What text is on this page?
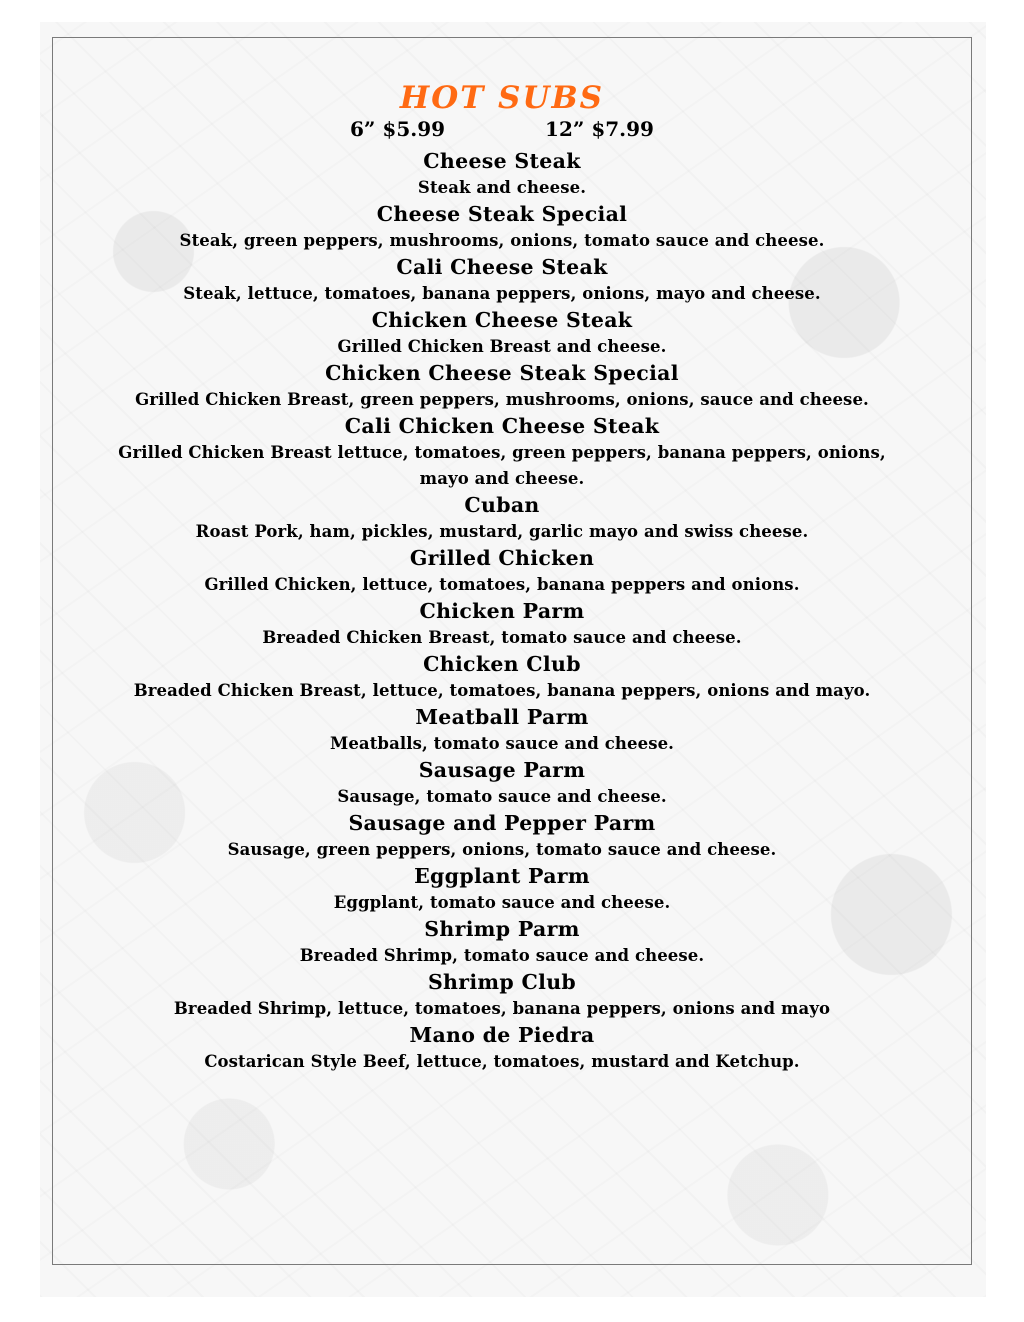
HOT SUBS
6” $5.99	12” $7.99

Cheese Steak

Steak and cheese.

Cheese Steak Special

Steak, green peppers, mushrooms, onions, tomato sauce and cheese.

Cali Cheese Steak

Steak, lettuce, tomatoes, banana peppers, onions, mayo and cheese.

Chicken Cheese Steak

Grilled Chicken Breast and cheese.

Chicken Cheese Steak Special

Grilled Chicken Breast, green peppers, mushrooms, onions, sauce and cheese.

Cali Chicken Cheese Steak

Grilled Chicken Breast lettuce, tomatoes, green peppers, banana peppers, onions, mayo and cheese.

Cuban

Roast Pork, ham, pickles, mustard, garlic mayo and swiss cheese.

Grilled Chicken

Grilled Chicken, lettuce, tomatoes, banana peppers and onions.

Chicken Parm

Breaded Chicken Breast, tomato sauce and cheese.

Chicken Club

Breaded Chicken Breast, lettuce, tomatoes, banana peppers, onions and mayo.

Meatball Parm

Meatballs, tomato sauce and cheese.

Sausage Parm

Sausage, tomato sauce and cheese.

Sausage and Pepper Parm

Sausage, green peppers, onions, tomato sauce and cheese.

Eggplant Parm

Eggplant, tomato sauce and cheese.

Shrimp Parm

Breaded Shrimp, tomato sauce and cheese.

Shrimp Club

Breaded Shrimp, lettuce, tomatoes, banana peppers, onions and mayo

Mano de Piedra

Costarican Style Beef, lettuce, tomatoes, mustard and Ketchup.
